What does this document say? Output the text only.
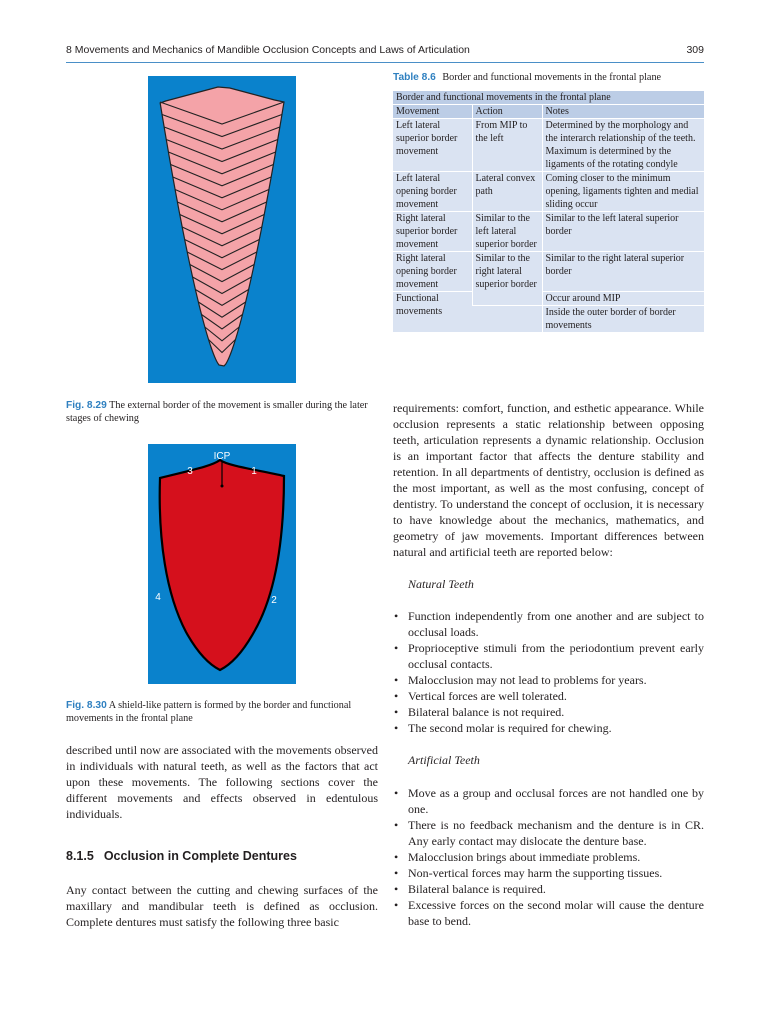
8 Movements and Mechanics of Mandible Occlusion Concepts and Laws of Articulation	309
Fig. 8.29 The external border of the movement is smaller during the later stages of chewing
ICP
3	1
4	2
Fig. 8.30 A shield-like pattern is formed by the border and functional movements in the frontal plane
Table 8.6 Border and functional movements in the frontal plane
Border and functional movements in the frontal plane		
Movement	Action	Notes
Left lateral superior border movement	From MIP to the left	Determined by the morphology and the interarch relationship of the teeth. Maximum is determined by the ligaments of the rotating condyle
Left lateral opening border movement	Lateral convex path	Coming closer to the minimum opening, ligaments tighten and medial sliding occur
Right lateral superior border movement	Similar to the left lateral superior border	Similar to the left lateral superior border
Right lateral opening border movement	Similar to the right lateral superior border	Similar to the right lateral superior border
Functional movements		Occur around MIP
		Inside the outer border of border movements

described until now are associated with the movements observed in individuals with natural teeth, as well as the factors that act upon these movements. The following sections cover the different movements and effects observed in edentulous individuals.

8.1.5 Occlusion in Complete Dentures

Any contact between the cutting and chewing surfaces of the maxillary and mandibular teeth is defined as occlusion. Complete dentures must satisfy the following three basic

requirements: comfort, function, and esthetic appearance. While occlusion represents a static relationship between opposing teeth, articulation represents a dynamic relationship. Occlusion is an important factor that affects the denture stability and retention. In all departments of dentistry, occlusion is defined as the most important, as well as the most confusing, concept of dentistry. To understand the concept of occlusion, it is necessary to have knowledge about the mechanics, mathematics, and geometry of jaw movements. Important differences between natural and artificial teeth are reported below:

Natural Teeth
• Function independently from one another and are subject to occlusal loads.
• Proprioceptive stimuli from the periodontium prevent early occlusal contacts.
• Malocclusion may not lead to problems for years.
• Vertical forces are well tolerated.
• Bilateral balance is not required.
• The second molar is required for chewing.
Artificial Teeth
• Move as a group and occlusal forces are not handled one by one.
• There is no feedback mechanism and the denture is in CR. Any early contact may dislocate the denture base.
• Malocclusion brings about immediate problems.
• Non-vertical forces may harm the supporting tissues.
• Bilateral balance is required.
• Excessive forces on the second molar will cause the denture base to bend.
